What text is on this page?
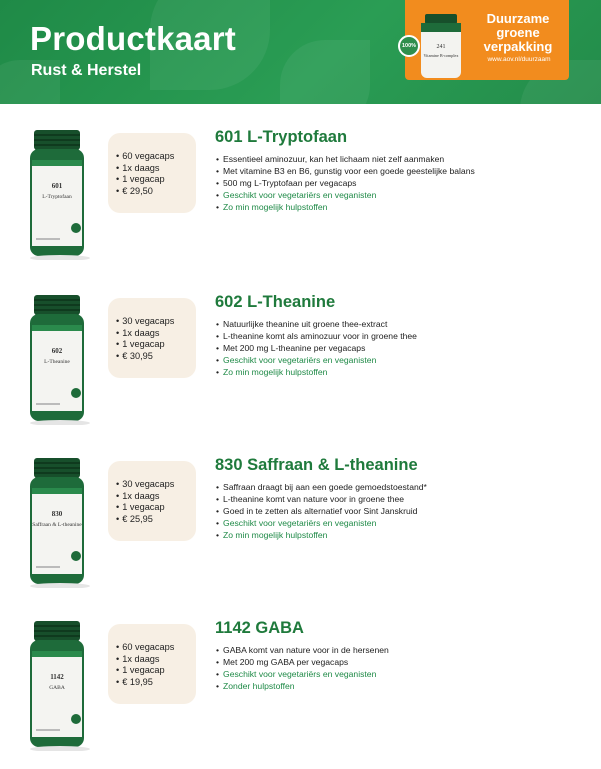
Productkaart
Rust & Herstel
241
Vitamine B-complex
100%
Duurzame
groene
verpakking
www.aov.nl/duurzaam
601
L-Tryptofaan
• 60 vegacaps
• 1x daags
• 1 vegacap
• € 29,50
601 L-Tryptofaan
• Essentieel aminozuur, kan het lichaam niet zelf aanmaken
• Met vitamine B3 en B6, gunstig voor een goede geestelijke balans
• 500 mg L-Tryptofaan per vegacaps
• Geschikt voor vegetariërs en veganisten
• Zo min mogelijk hulpstoffen
602
L-Theanine
• 30 vegacaps
• 1x daags
• 1 vegacap
• € 30,95
602 L-Theanine
• Natuurlijke theanine uit groene thee-extract
• L-theanine komt als aminozuur voor in groene thee
• Met 200 mg L-theanine per vegacaps
• Geschikt voor vegetariërs en veganisten
• Zo min mogelijk hulpstoffen
830
Saffraan & L-theanine
• 30 vegacaps
• 1x daags
• 1 vegacap
• € 25,95
830 Saffraan & L-theanine
• Saffraan draagt bij aan een goede gemoedstoestand*
• L-theanine komt van nature voor in groene thee
• Goed in te zetten als alternatief voor Sint Janskruid
• Geschikt voor vegetariërs en veganisten
• Zo min mogelijk hulpstoffen
1142
GABA
• 60 vegacaps
• 1x daags
• 1 vegacap
• € 19,95
1142 GABA
• GABA komt van nature voor in de hersenen
• Met 200 mg GABA per vegacaps
• Geschikt voor vegetariërs en veganisten
• Zonder hulpstoffen
